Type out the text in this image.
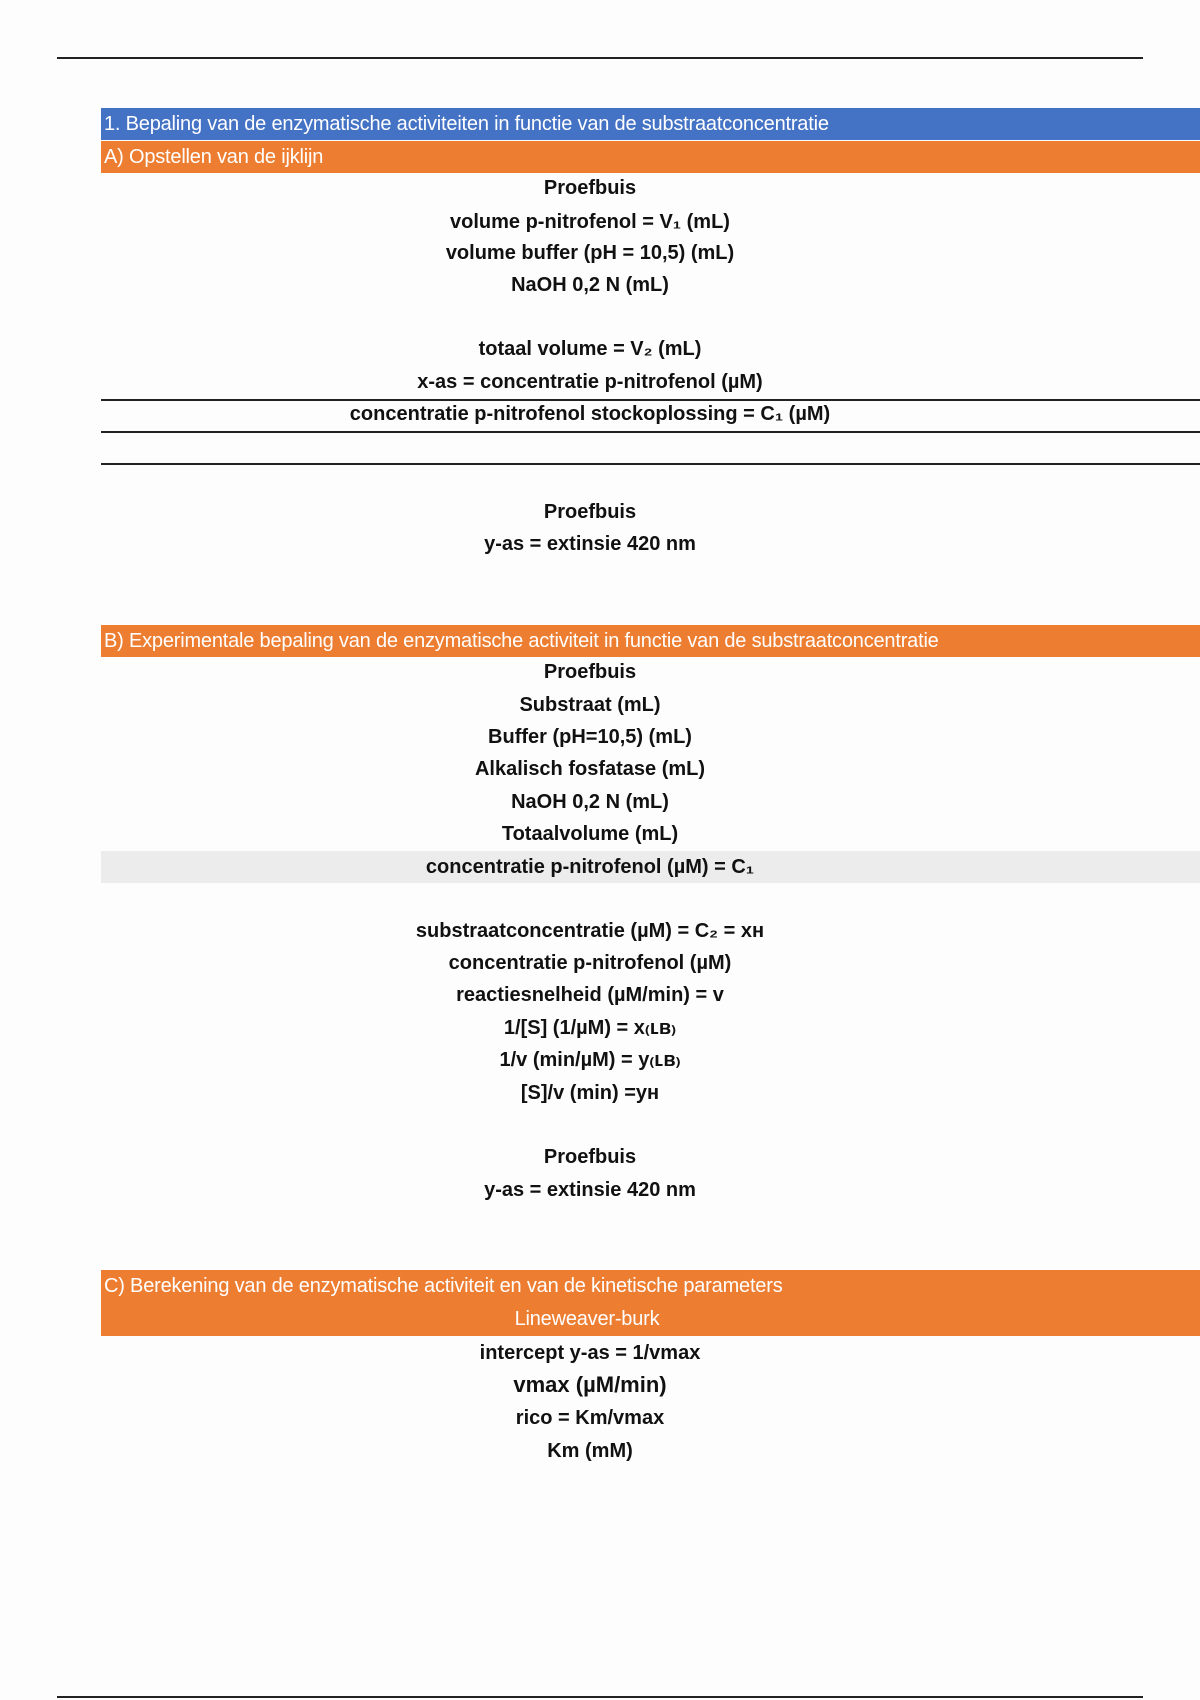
1. Bepaling van de enzymatische activiteiten in functie van de substraatconcentratie
A) Opstellen van de ijklijn
Proefbuis
volume p-nitrofenol = V₁ (mL)
volume buffer (pH = 10,5) (mL)
NaOH 0,2 N (mL)
totaal volume = V₂ (mL)
x-as = concentratie p-nitrofenol (µM)
concentratie p-nitrofenol stockoplossing = C₁ (µM)
Proefbuis
y-as = extinsie 420 nm
B) Experimentale bepaling van de enzymatische activiteit in functie van de substraatconcentratie
Proefbuis
Substraat (mL)
Buffer (pH=10,5) (mL)
Alkalisch fosfatase (mL)
NaOH 0,2 N (mL)
Totaalvolume (mL)
concentratie p-nitrofenol (µM) = C₁
substraatconcentratie (µM) = C₂ = xʜ
concentratie p-nitrofenol (µM)
reactiesnelheid (µM/min) = v
1/[S] (1/µM) = x₍ʟʙ₎
1/v (min/µM) = y₍ʟʙ₎
[S]/v (min) =yʜ
Proefbuis
y-as = extinsie 420 nm
C) Berekening van de enzymatische activiteit en van de kinetische parameters
Lineweaver-burk
intercept y-as = 1/vmax
vmax (µM/min)
rico = Km/vmax
Km (mM)
